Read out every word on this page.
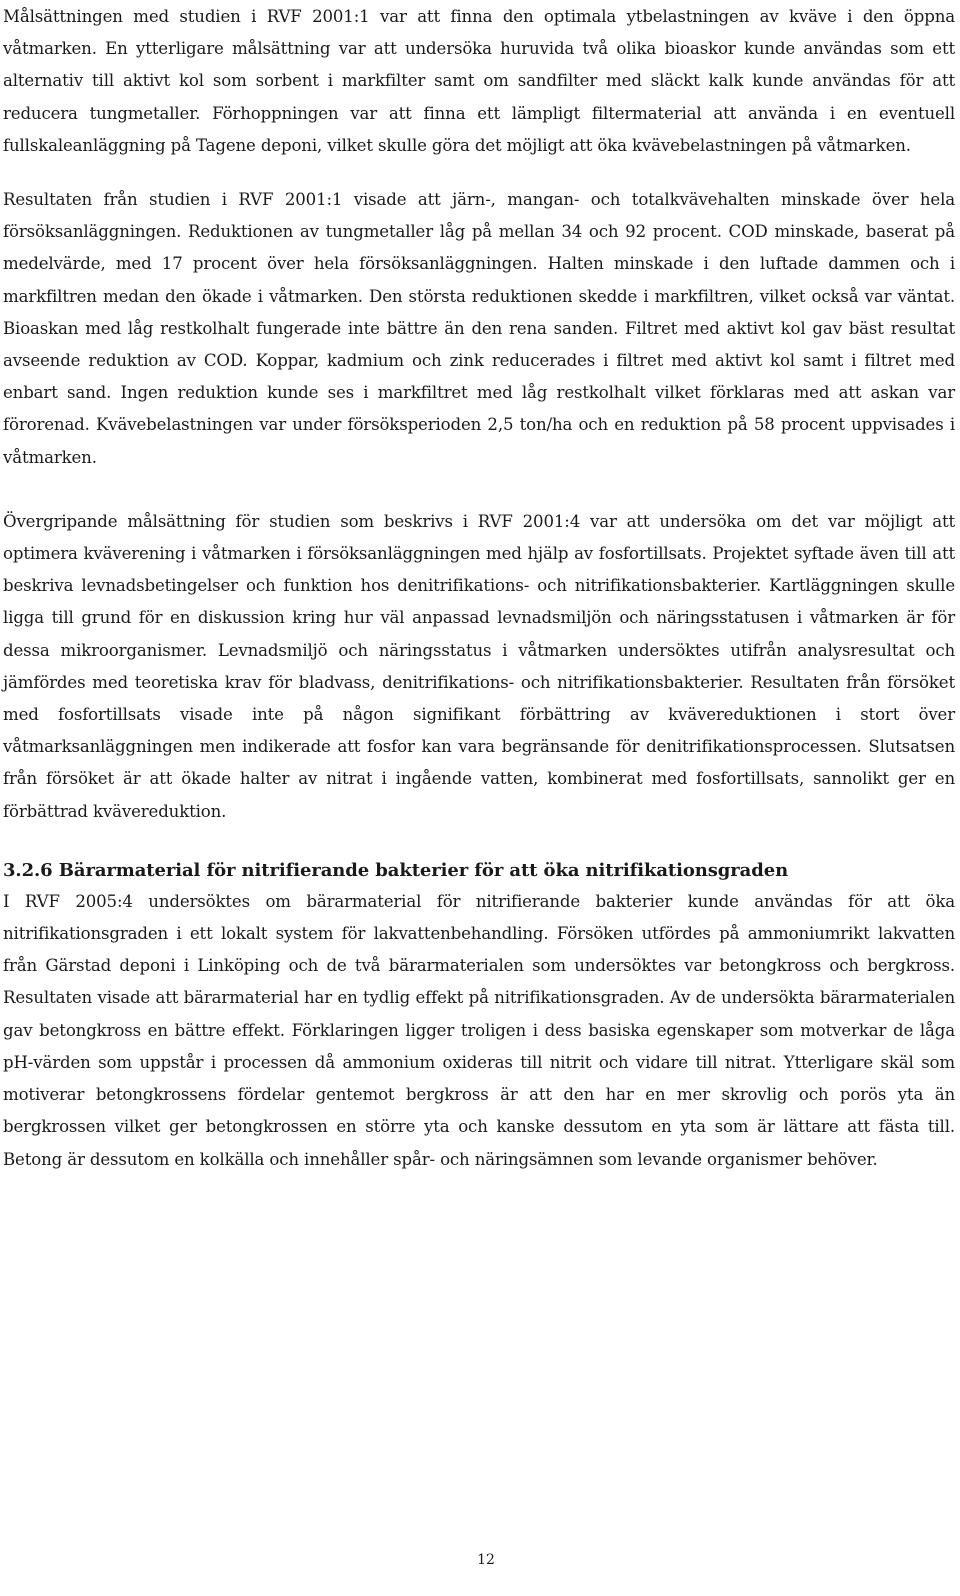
Målsättningen med studien i RVF 2001:1 var att finna den optimala ytbelastningen av kväve i den öppna våtmarken. En ytterligare målsättning var att undersöka huruvida två olika bioaskor kunde användas som ett alternativ till aktivt kol som sorbent i markfilter samt om sandfilter med släckt kalk kunde användas för att reducera tungmetaller. Förhoppningen var att finna ett lämpligt filtermaterial att använda i en eventuell fullskaleanläggning på Tagene deponi, vilket skulle göra det möjligt att öka kvävebelastningen på våtmarken.

Resultaten från studien i RVF 2001:1 visade att järn-, mangan- och totalkvävehalten minskade över hela försöksanläggningen. Reduktionen av tungmetaller låg på mellan 34 och 92 procent. COD minskade, baserat på medelvärde, med 17 procent över hela försöksanläggningen. Halten minskade i den luftade dammen och i markfiltren medan den ökade i våtmarken. Den största reduktionen skedde i markfiltren, vilket också var väntat. Bioaskan med låg restkolhalt fungerade inte bättre än den rena sanden. Filtret med aktivt kol gav bäst resultat avseende reduktion av COD. Koppar, kadmium och zink reducerades i filtret med aktivt kol samt i filtret med enbart sand. Ingen reduktion kunde ses i markfiltret med låg restkolhalt vilket förklaras med att askan var förorenad. Kvävebelastningen var under försöksperioden 2,5 ton/ha och en reduktion på 58 procent uppvisades i våtmarken.

Övergripande målsättning för studien som beskrivs i RVF 2001:4 var att undersöka om det var möjligt att optimera kväverening i våtmarken i försöksanläggningen med hjälp av fosfortillsats. Projektet syftade även till att beskriva levnadsbetingelser och funktion hos denitrifikations- och nitrifikationsbakterier. Kartläggningen skulle ligga till grund för en diskussion kring hur väl anpassad levnadsmiljön och näringsstatusen i våtmarken är för dessa mikroorganismer. Levnadsmiljö och näringsstatus i våtmarken undersöktes utifrån analysresultat och jämfördes med teoretiska krav för bladvass, denitrifikations- och nitrifikationsbakterier. Resultaten från försöket med fosfortillsats visade inte på någon signifikant förbättring av kvävereduktionen i stort över våtmarksanläggningen men indikerade att fosfor kan vara begränsande för denitrifikationsprocessen. Slutsatsen från försöket är att ökade halter av nitrat i ingående vatten, kombinerat med fosfortillsats, sannolikt ger en förbättrad kvävereduktion.

3.2.6 Bärarmaterial för nitrifierande bakterier för att öka nitrifikationsgraden

I RVF 2005:4 undersöktes om bärarmaterial för nitrifierande bakterier kunde användas för att öka nitrifikationsgraden i ett lokalt system för lakvattenbehandling. Försöken utfördes på ammoniumrikt lakvatten från Gärstad deponi i Linköping och de två bärarmaterialen som undersöktes var betongkross och bergkross. Resultaten visade att bärarmaterial har en tydlig effekt på nitrifikationsgraden. Av de undersökta bärarmaterialen gav betongkross en bättre effekt. Förklaringen ligger troligen i dess basiska egenskaper som motverkar de låga pH-värden som uppstår i processen då ammonium oxideras till nitrit och vidare till nitrat. Ytterligare skäl som motiverar betongkrossens fördelar gentemot bergkross är att den har en mer skrovlig och porös yta än bergkrossen vilket ger betongkrossen en större yta och kanske dessutom en yta som är lättare att fästa till. Betong är dessutom en kolkälla och innehåller spår- och näringsämnen som levande organismer behöver.

12
